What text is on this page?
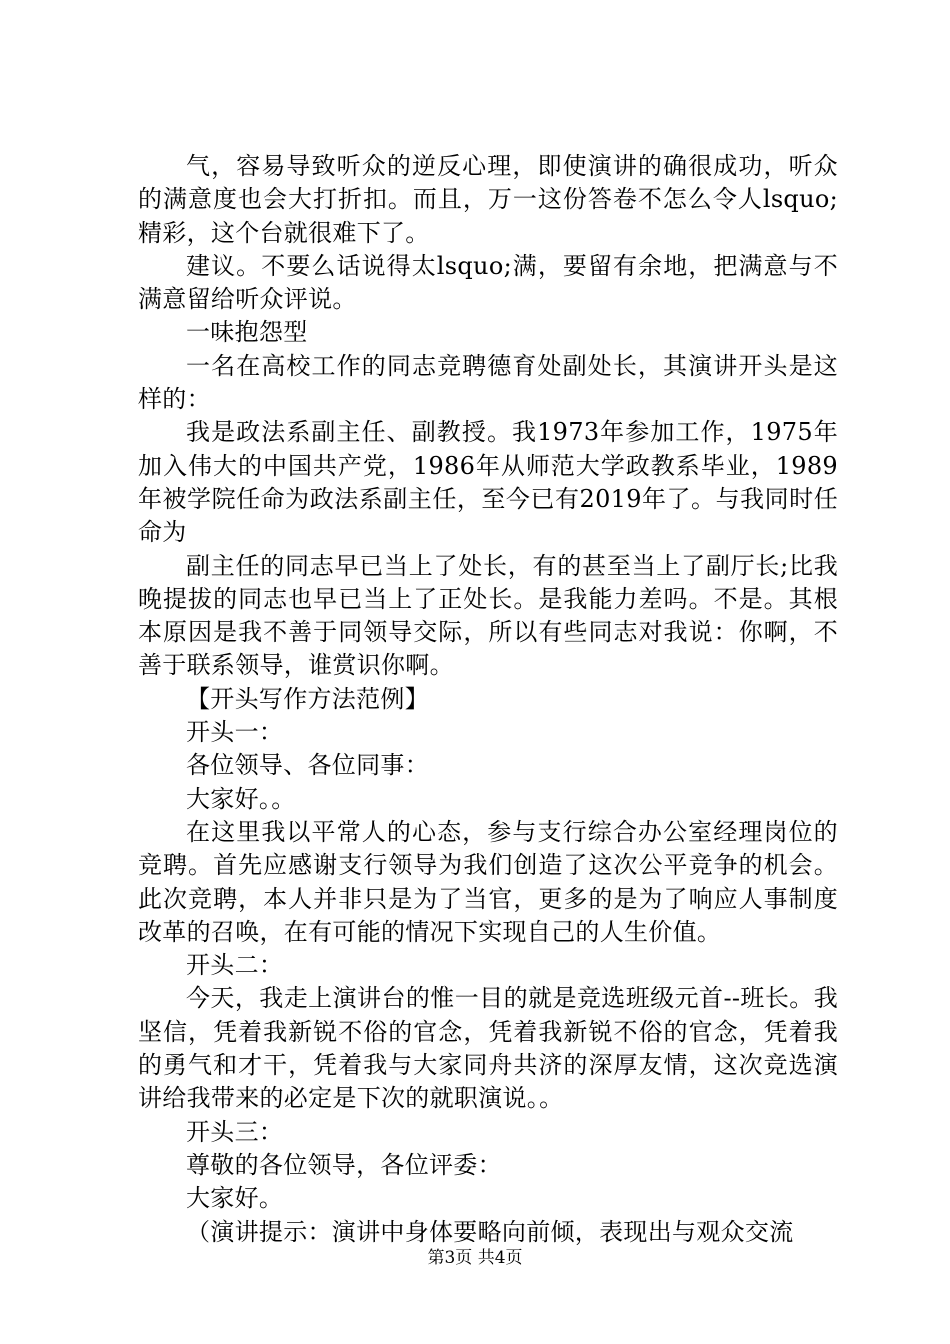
气，容易导致听众的逆反心理，即使演讲的确很成功，听众的满意度也会大打折扣。而且，万一这份答卷不怎么令人lsquo;精彩，这个台就很难下了。

建议。不要么话说得太lsquo;满，要留有余地，把满意与不满意留给听众评说。

一味抱怨型

一名在高校工作的同志竞聘德育处副处长，其演讲开头是这样的：

我是政法系副主任、副教授。我1973年参加工作，1975年加入伟大的中国共产党，1986年从师范大学政教系毕业，1989年被学院任命为政法系副主任，至今已有2019年了。与我同时任命为

副主任的同志早已当上了处长，有的甚至当上了副厅长;比我晚提拔的同志也早已当上了正处长。是我能力差吗。不是。其根本原因是我不善于同领导交际，所以有些同志对我说：你啊，不善于联系领导，谁赏识你啊。

【开头写作方法范例】

开头一：

各位领导、各位同事：

大家好。。

在这里我以平常人的心态，参与支行综合办公室经理岗位的竞聘。首先应感谢支行领导为我们创造了这次公平竞争的机会。此次竞聘，本人并非只是为了当官，更多的是为了响应人事制度改革的召唤，在有可能的情况下实现自己的人生价值。

开头二：

今天，我走上演讲台的惟一目的就是竞选班级元首--班长。我坚信，凭着我新锐不俗的官念，凭着我新锐不俗的官念，凭着我的勇气和才干，凭着我与大家同舟共济的深厚友情，这次竞选演讲给我带来的必定是下次的就职演说。。

开头三：

尊敬的各位领导，各位评委：

大家好。

（演讲提示：演讲中身体要略向前倾，表现出与观众交流

第3页 共4页
